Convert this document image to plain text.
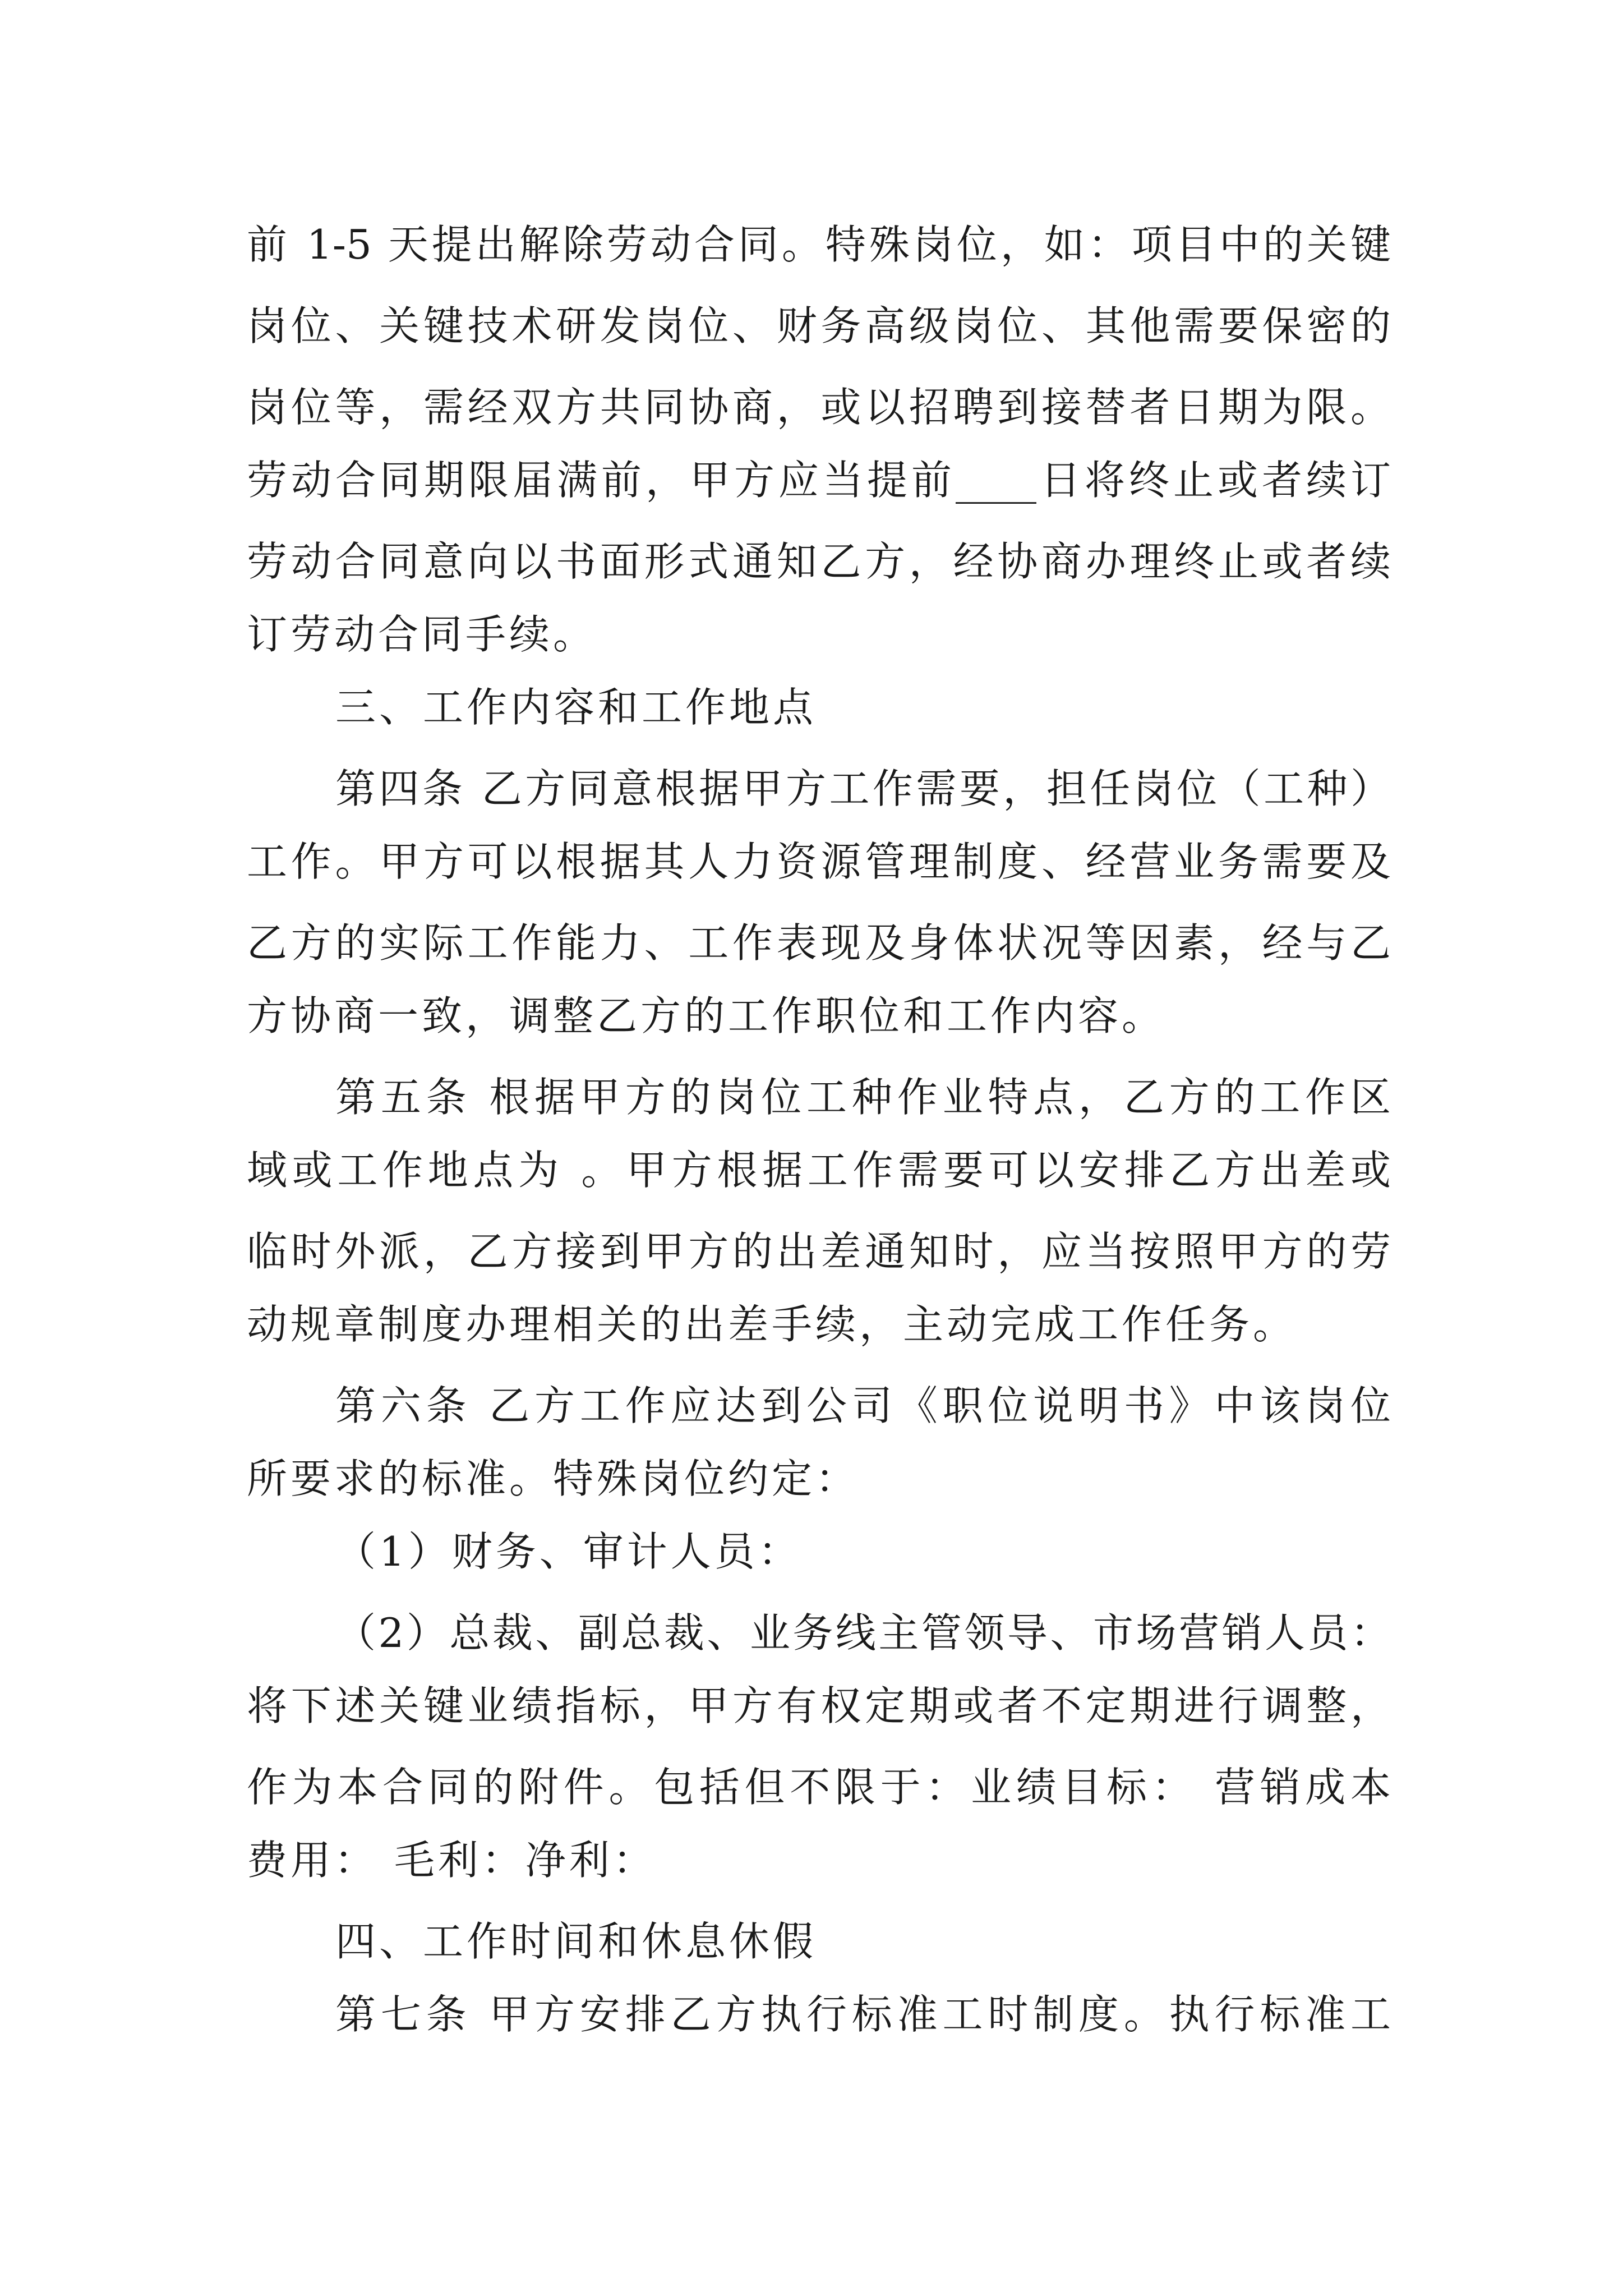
前 1-5 天提出解除劳动合同。特殊岗位，如：项目中的关键
岗位、关键技术研发岗位、财务高级岗位、其他需要保密的
岗位等，需经双方共同协商，或以招聘到接替者日期为限。
劳动合同期限届满前，甲方应当提前____日将终止或者续订
劳动合同意向以书面形式通知乙方，经协商办理终止或者续
订劳动合同手续。
三、工作内容和工作地点
第四条 乙方同意根据甲方工作需要，担任岗位（工种）
工作。甲方可以根据其人力资源管理制度、经营业务需要及
乙方的实际工作能力、工作表现及身体状况等因素，经与乙
方协商一致，调整乙方的工作职位和工作内容。
第五条 根据甲方的岗位工种作业特点，乙方的工作区
域或工作地点为 。甲方根据工作需要可以安排乙方出差或
临时外派，乙方接到甲方的出差通知时，应当按照甲方的劳
动规章制度办理相关的出差手续，主动完成工作任务。
第六条 乙方工作应达到公司《职位说明书》中该岗位
所要求的标准。特殊岗位约定：
（1）财务、审计人员：
（2）总裁、副总裁、业务线主管领导、市场营销人员：
将下述关键业绩指标，甲方有权定期或者不定期进行调整，
作为本合同的附件。包括但不限于：业绩目标： 营销成本
费用： 毛利：净利：
四、工作时间和休息休假
第七条 甲方安排乙方执行标准工时制度。执行标准工
